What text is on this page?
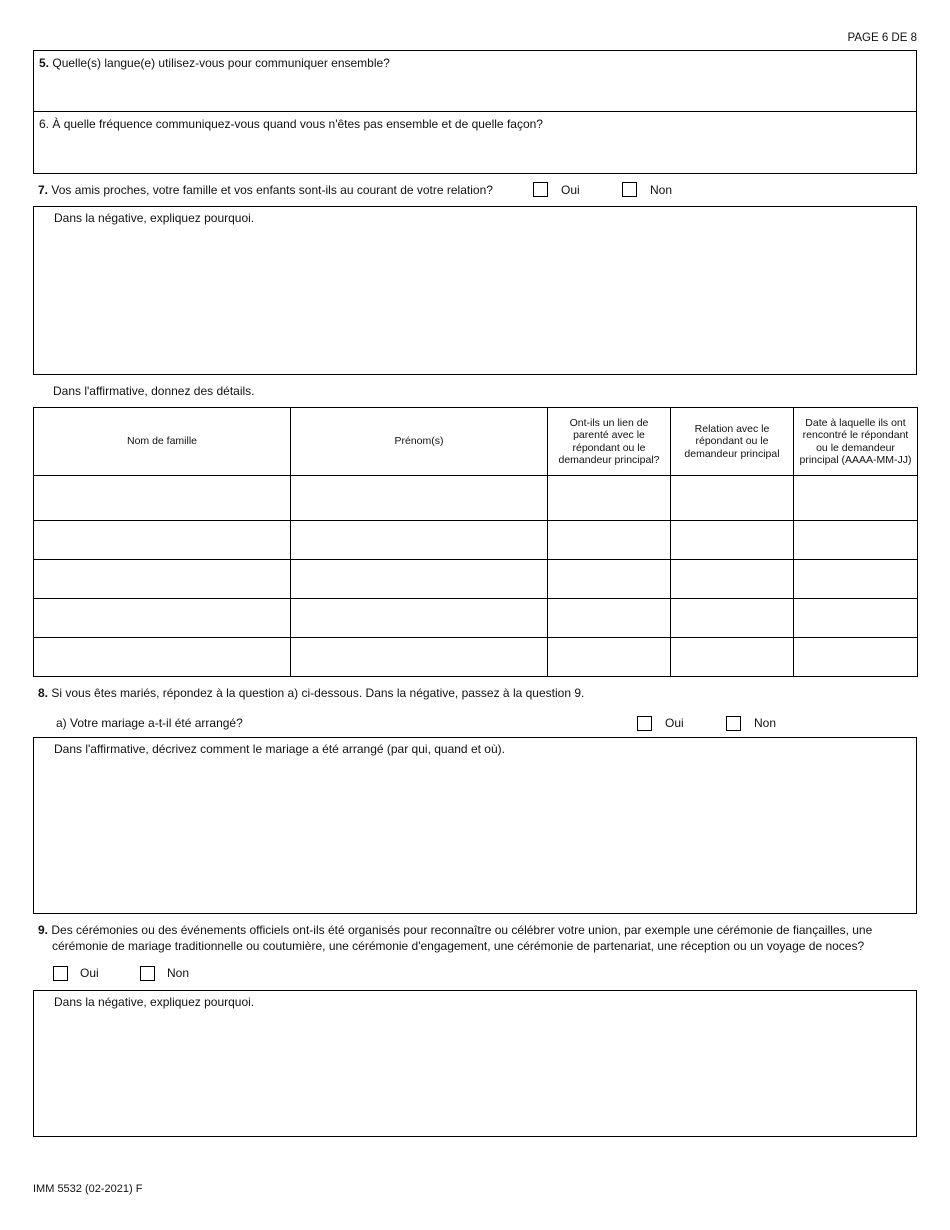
PAGE 6 DE 8
5. Quelle(s) langue(e) utilisez-vous pour communiquer ensemble?
6. À quelle fréquence communiquez-vous quand vous n'êtes pas ensemble et de quelle façon?
7. Vos amis proches, votre famille et vos enfants sont-ils au courant de votre relation?	Oui	Non
Dans la négative, expliquez pourquoi.
Dans l'affirmative, donnez des détails.
Nom de famille	Prénom(s)	Ont-ils un lien de parenté avec le répondant ou le demandeur principal?	Relation avec le répondant ou le demandeur principal	Date à laquelle ils ont rencontré le répondant ou le demandeur principal (AAAA-MM-JJ)

8. Si vous êtes mariés, répondez à la question a) ci-dessous. Dans la négative, passez à la question 9.
a) Votre mariage a-t-il été arrangé?	Oui	Non
Dans l'affirmative, décrivez comment le mariage a été arrangé (par qui, quand et où).
9. Des cérémonies ou des événements officiels ont-ils été organisés pour reconnaître ou célébrer votre union, par exemple une cérémonie de fiançailles, une
cérémonie de mariage traditionnelle ou coutumière, une cérémonie d'engagement, une cérémonie de partenariat, une réception ou un voyage de noces?
Oui	Non
Dans la négative, expliquez pourquoi.
IMM 5532 (02-2021) F
